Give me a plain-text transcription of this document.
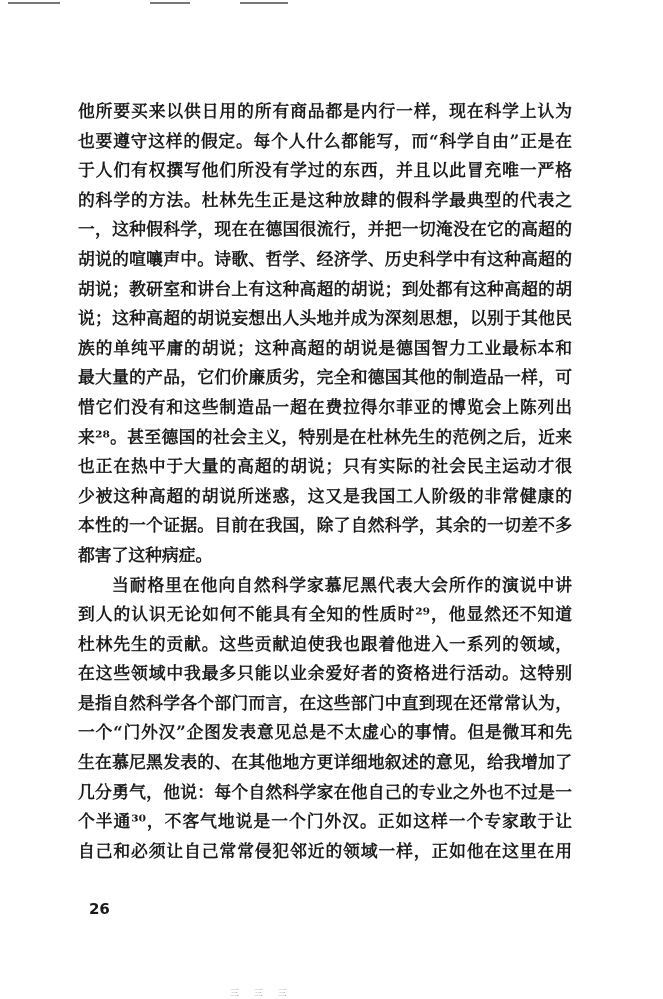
他所要买来以供日用的所有商品都是内行一样，现在科学上认为
也要遵守这样的假定。每个人什么都能写，而“科学自由”正是在
于人们有权撰写他们所没有学过的东西，并且以此冒充唯一严格
的科学的方法。杜林先生正是这种放肆的假科学最典型的代表之
一，这种假科学，现在在德国很流行，并把一切淹没在它的高超的
胡说的喧嚷声中。诗歌、哲学、经济学、历史科学中有这种高超的
胡说；教研室和讲台上有这种高超的胡说；到处都有这种高超的胡
说；这种高超的胡说妄想出人头地并成为深刻思想，以别于其他民
族的单纯平庸的胡说；这种高超的胡说是德国智力工业最标本和
最大量的产品，它们价廉质劣，完全和德国其他的制造品一样，可
惜它们没有和这些制造品一超在费拉得尔菲亚的博览会上陈列出
来²⁸。甚至德国的社会主义，特别是在杜林先生的范例之后，近来
也正在热中于大量的高超的胡说；只有实际的社会民主运动才很
少被这种高超的胡说所迷惑，这又是我国工人阶级的非常健康的
本性的一个证据。目前在我国，除了自然科学，其余的一切差不多
都害了这种病症。
当耐格里在他向自然科学家慕尼黑代表大会所作的演说中讲
到人的认识无论如何不能具有全知的性质时²⁹，他显然还不知道
杜林先生的贡献。这些贡献迫使我也跟着他进入一系列的领域，
在这些领域中我最多只能以业余爱好者的资格进行活动。这特别
是指自然科学各个部门而言，在这些部门中直到现在还常常认为，
一个“门外汉”企图发表意见总是不太虚心的事情。但是微耳和先
生在慕尼黑发表的、在其他地方更详细地叙述的意见，给我增加了
几分勇气，他说：每个自然科学家在他自己的专业之外也不过是一
个半通³⁰，不客气地说是一个门外汉。正如这样一个专家敢于让
自己和必须让自己常常侵犯邻近的领域一样，正如他在这里在用
26
三 三 三
